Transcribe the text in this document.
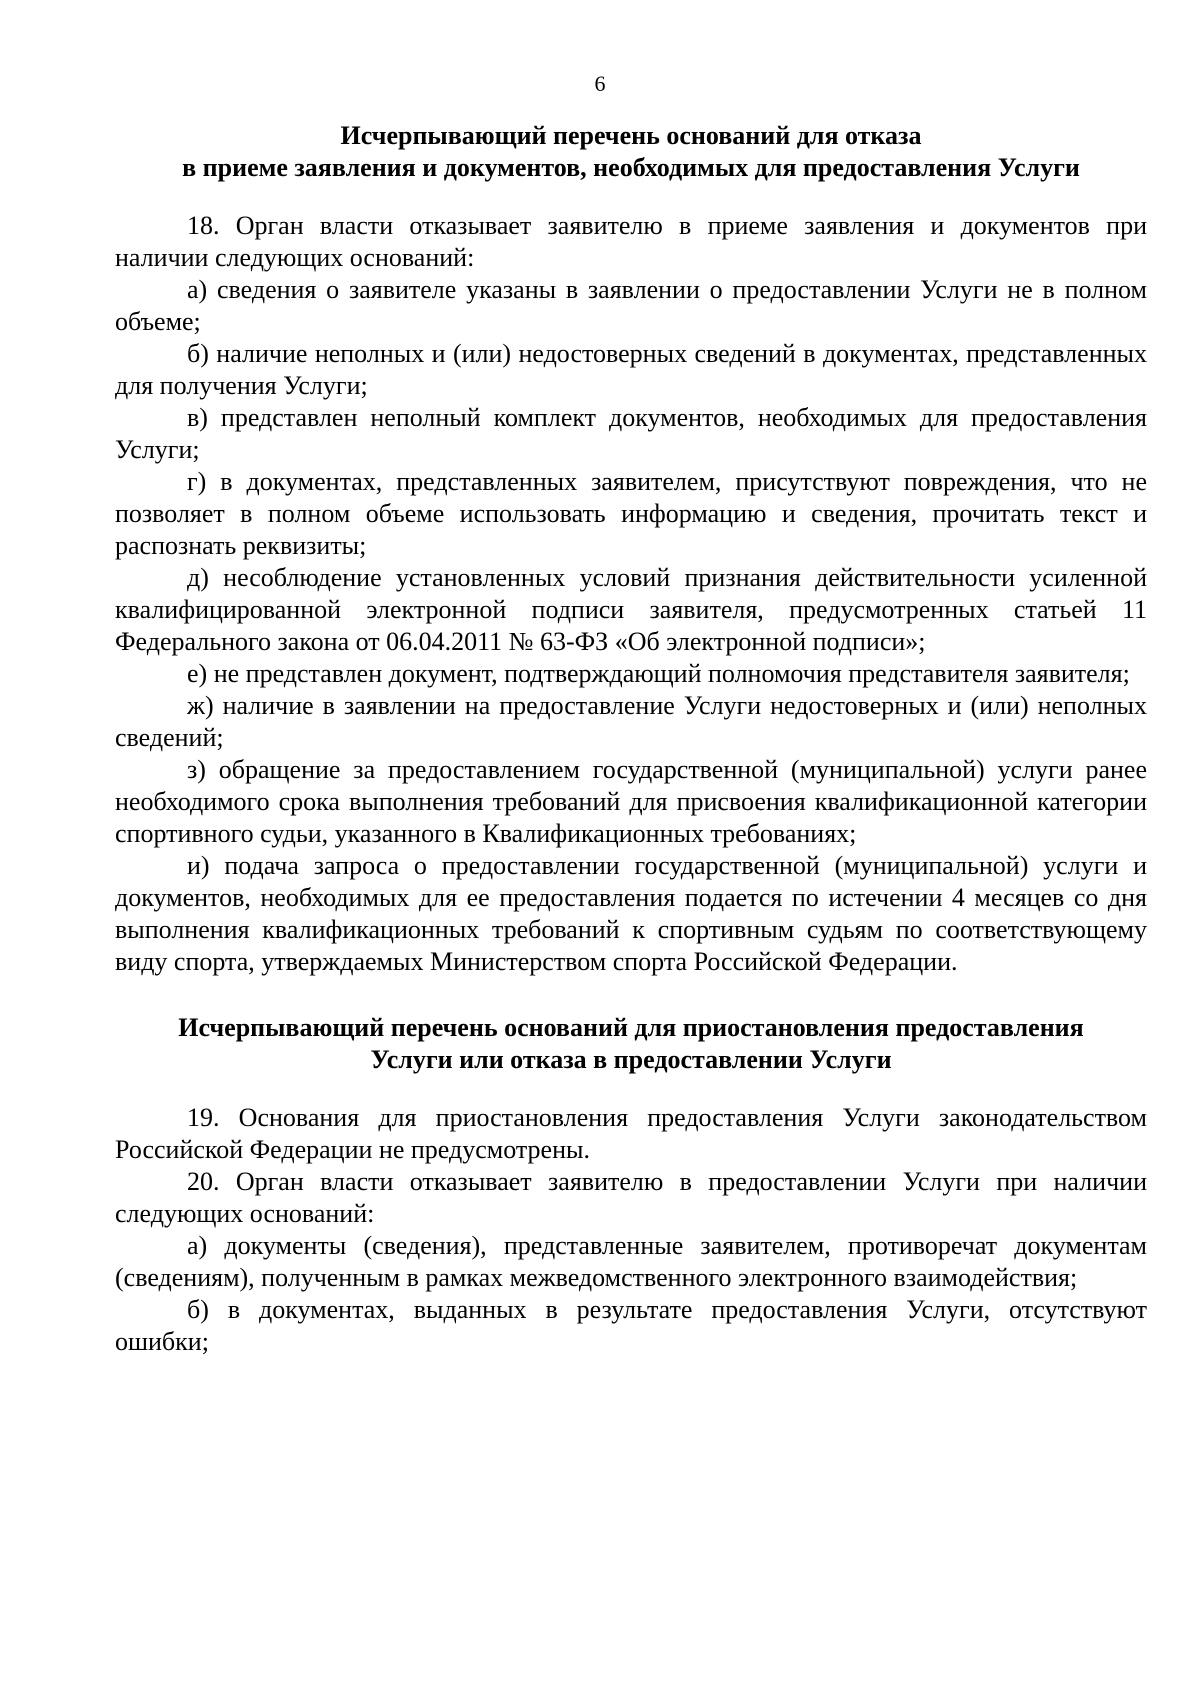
6
Исчерпывающий перечень оснований для отказа
в приеме заявления и документов, необходимых для предоставления Услуги

18. Орган власти отказывает заявителю в приеме заявления и документов при наличии следующих оснований:

а) сведения о заявителе указаны в заявлении о предоставлении Услуги не в полном объеме;

б) наличие неполных и (или) недостоверных сведений в документах, представленных для получения Услуги;

в) представлен неполный комплект документов, необходимых для предоставления Услуги;

г) в документах, представленных заявителем, присутствуют повреждения, что не позволяет в полном объеме использовать информацию и сведения, прочитать текст и распознать реквизиты;

д) несоблюдение установленных условий признания действительности усиленной квалифицированной электронной подписи заявителя, предусмотренных статьей 11 Федерального закона от 06.04.2011 № 63-ФЗ «Об электронной подписи»;

е) не представлен документ, подтверждающий полномочия представителя заявителя;

ж) наличие в заявлении на предоставление Услуги недостоверных и (или) неполных сведений;

з) обращение за предоставлением государственной (муниципальной) услуги ранее необходимого срока выполнения требований для присвоения квалификационной категории спортивного судьи, указанного в Квалификационных требованиях;

и) подача запроса о предоставлении государственной (муниципальной) услуги и документов, необходимых для ее предоставления подается по истечении 4 месяцев со дня выполнения квалификационных требований к спортивным судьям по соответствующему виду спорта, утверждаемых Министерством спорта Российской Федерации.

Исчерпывающий перечень оснований для приостановления предоставления
Услуги или отказа в предоставлении Услуги

19. Основания для приостановления предоставления Услуги законодательством Российской Федерации не предусмотрены.

20. Орган власти отказывает заявителю в предоставлении Услуги при наличии следующих оснований:

а) документы (сведения), представленные заявителем, противоречат документам (сведениям), полученным в рамках межведомственного электронного взаимодействия;

б) в документах, выданных в результате предоставления Услуги, отсутствуют ошибки;
